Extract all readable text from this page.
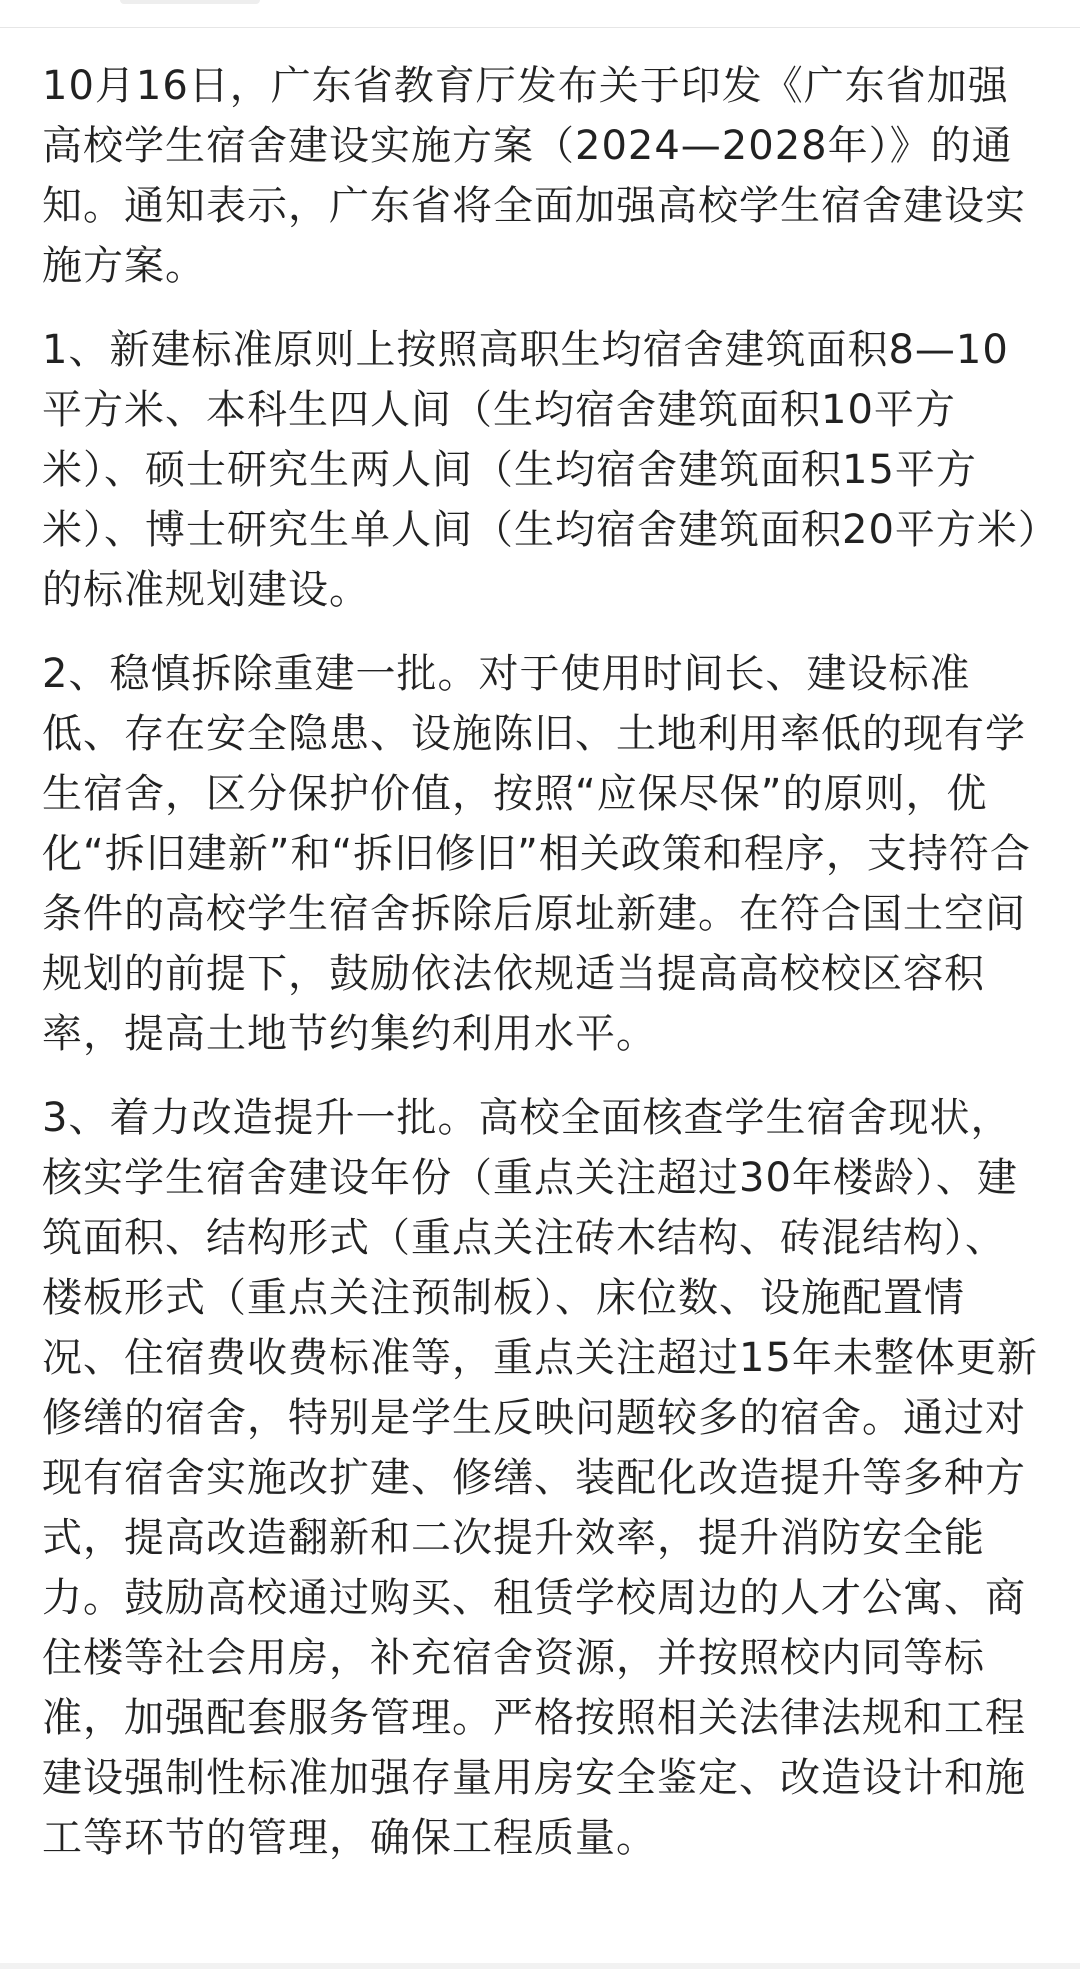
10月16日，广东省教育厅发布关于印发《广东省加强高校学生宿舍建设实施方案（2024—2028年）》的通知。通知表示，广东省将全面加强高校学生宿舍建设实施方案。

1、新建标准原则上按照高职生均宿舍建筑面积8—10平方米、本科生四人间（生均宿舍建筑面积10平方米）、硕士研究生两人间（生均宿舍建筑面积15平方米）、博士研究生单人间（生均宿舍建筑面积20平方米）的标准规划建设。

2、稳慎拆除重建一批。对于使用时间长、建设标准低、存在安全隐患、设施陈旧、土地利用率低的现有学生宿舍，区分保护价值，按照“应保尽保”的原则，优化“拆旧建新”和“拆旧修旧”相关政策和程序，支持符合条件的高校学生宿舍拆除后原址新建。在符合国土空间规划的前提下，鼓励依法依规适当提高高校校区容积率，提高土地节约集约利用水平。

3、着力改造提升一批。高校全面核查学生宿舍现状，核实学生宿舍建设年份（重点关注超过30年楼龄）、建筑面积、结构形式（重点关注砖木结构、砖混结构）、楼板形式（重点关注预制板）、床位数、设施配置情况、住宿费收费标准等，重点关注超过15年未整体更新修缮的宿舍，特别是学生反映问题较多的宿舍。通过对现有宿舍实施改扩建、修缮、装配化改造提升等多种方式，提高改造翻新和二次提升效率，提升消防安全能力。鼓励高校通过购买、租赁学校周边的人才公寓、商住楼等社会用房，补充宿舍资源，并按照校内同等标准，加强配套服务管理。严格按照相关法律法规和工程建设强制性标准加强存量用房安全鉴定、改造设计和施工等环节的管理，确保工程质量。
